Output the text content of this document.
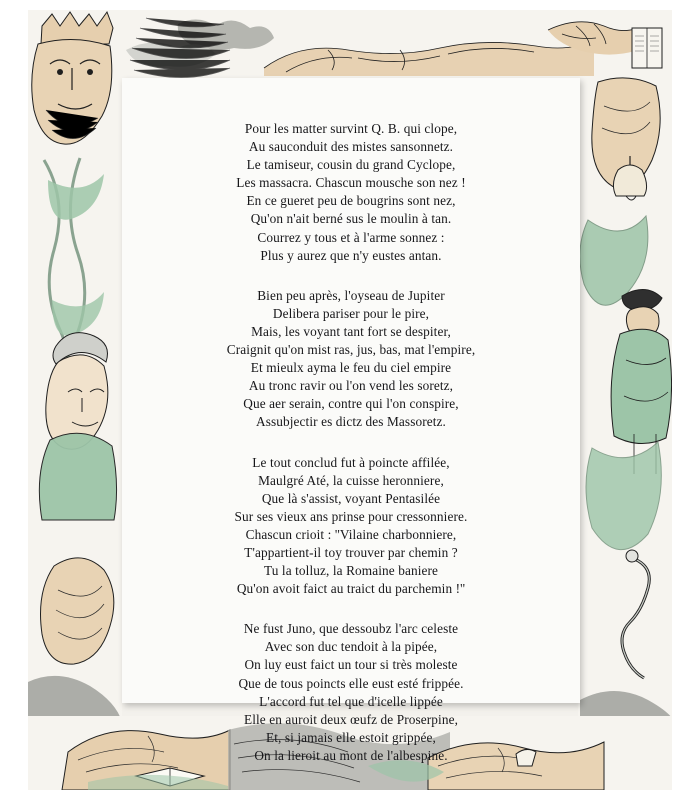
Pour les matter survint Q. B. qui clope,
Au sauconduit des mistes sansonnetz.
Le tamiseur, cousin du grand Cyclope,
Les massacra. Chascun mousche son nez !
En ce gueret peu de bougrins sont nez,
Qu'on n'ait berné sus le moulin à tan.
Courrez y tous et à l'arme sonnez :
Plus y aurez que n'y eustes antan.
Bien peu après, l'oyseau de Jupiter
Delibera pariser pour le pire,
Mais, les voyant tant fort se despiter,
Craignit qu'on mist ras, jus, bas, mat l'empire,
Et mieulx ayma le feu du ciel empire
Au tronc ravir ou l'on vend les soretz,
Que aer serain, contre qui l'on conspire,
Assubjectir es dictz des Massoretz.
Le tout conclud fut à poincte affilée,
Maulgré Até, la cuisse heronniere,
Que là s'assist, voyant Pentasilée
Sur ses vieux ans prinse pour cressonniere.
Chascun crioit : ''Vilaine charbonniere,
T'appartient-il toy trouver par chemin ?
Tu la tolluz, la Romaine baniere
Qu'on avoit faict au traict du parchemin !''
Ne fust Juno, que dessoubz l'arc celeste
Avec son duc tendoit à la pipée,
On luy eust faict un tour si très moleste
Que de tous poincts elle eust esté frippée.
L'accord fut tel que d'icelle lippée
Elle en auroit deux œufz de Proserpine,
Et, si jamais elle estoit grippée,
On la lieroit au mont de l'albespine.
